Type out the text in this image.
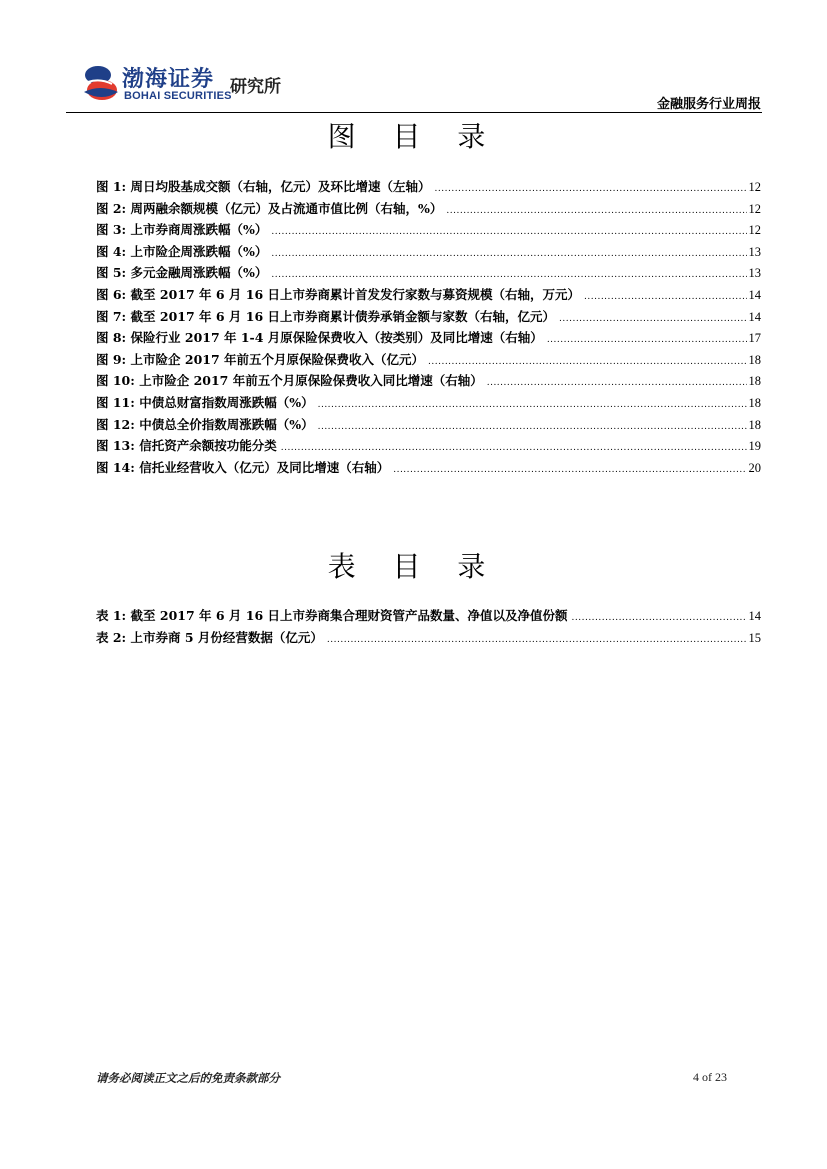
渤海证券
BOHAI SECURITIES
研究所
金融服务行业周报
图 目 录
图 1: 周日均股基成交额（右轴，亿元）及环比增速（左轴） .....	12
图 2: 周两融余额规模（亿元）及占流通市值比例（右轴，%） .....	12
图 3: 上市券商周涨跌幅（%） .....	12
图 4: 上市险企周涨跌幅（%） .....	13
图 5: 多元金融周涨跌幅（%） .....	13
图 6: 截至 2017 年 6 月 16 日上市券商累计首发发行家数与募资规模（右轴，万元） .....	14
图 7: 截至 2017 年 6 月 16 日上市券商累计债券承销金额与家数（右轴，亿元） .....	14
图 8: 保险行业 2017 年 1-4 月原保险保费收入（按类别）及同比增速（右轴） .....	17
图 9: 上市险企 2017 年前五个月原保险保费收入（亿元） .....	18
图 10: 上市险企 2017 年前五个月原保险保费收入同比增速（右轴） .....	18
图 11: 中债总财富指数周涨跌幅（%） .....	18
图 12: 中债总全价指数周涨跌幅（%） .....	18
图 13: 信托资产余额按功能分类 .....	19
图 14: 信托业经营收入（亿元）及同比增速（右轴） .....	20
表 目 录
表 1: 截至 2017 年 6 月 16 日上市券商集合理财资管产品数量、净值以及净值份额 .....	14
表 2: 上市券商 5 月份经营数据（亿元） .....	15
请务必阅读正文之后的免责条款部分	4 of 23
